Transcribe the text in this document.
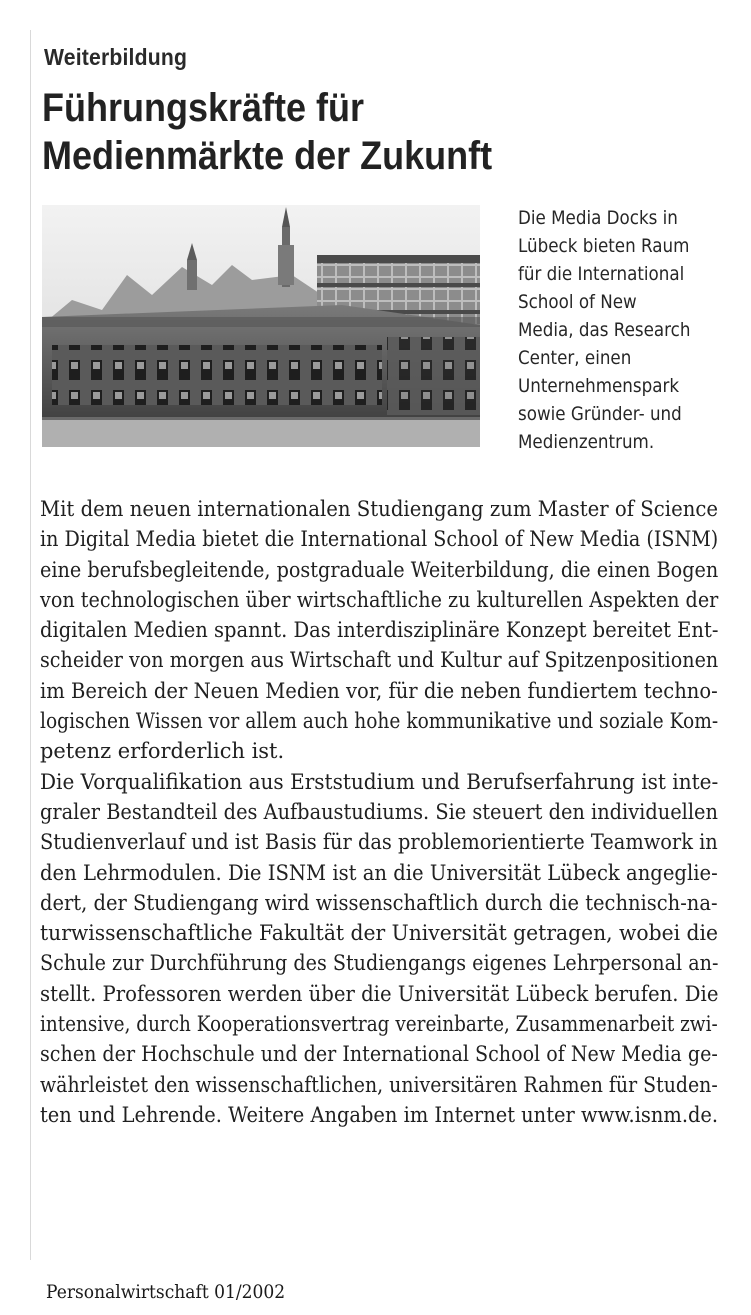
Weiterbildung
Führungskräfte für
Medienmärkte der Zukunft
Die Media Docks in
Lübeck bieten Raum
für die International
School of New
Media, das Research
Center, einen
Unternehmenspark
sowie Gründer- und
Medienzentrum.
Mit dem neuen internationalen Studiengang zum Master of Science
in Digital Media bietet die International School of New Media (ISNM)
eine berufsbegleitende, postgraduale Weiterbildung, die einen Bogen
von technologischen über wirtschaftliche zu kulturellen Aspekten der
digitalen Medien spannt. Das interdisziplinäre Konzept bereitet Ent-
scheider von morgen aus Wirtschaft und Kultur auf Spitzenpositionen
im Bereich der Neuen Medien vor, für die neben fundiertem techno-
logischen Wissen vor allem auch hohe kommunikative und soziale Kom-
petenz erforderlich ist.
Die Vorqualifikation aus Erststudium und Berufserfahrung ist inte-
graler Bestandteil des Aufbaustudiums. Sie steuert den individuellen
Studienverlauf und ist Basis für das problemorientierte Teamwork in
den Lehrmodulen. Die ISNM ist an die Universität Lübeck angeglie-
dert, der Studiengang wird wissenschaftlich durch die technisch-na-
turwissenschaftliche Fakultät der Universität getragen, wobei die
Schule zur Durchführung des Studiengangs eigenes Lehrpersonal an-
stellt. Professoren werden über die Universität Lübeck berufen. Die
intensive, durch Kooperationsvertrag vereinbarte, Zusammenarbeit zwi-
schen der Hochschule und der International School of New Media ge-
währleistet den wissenschaftlichen, universitären Rahmen für Studen-
ten und Lehrende. Weitere Angaben im Internet unter www.isnm.de.
Personalwirtschaft 01/2002
